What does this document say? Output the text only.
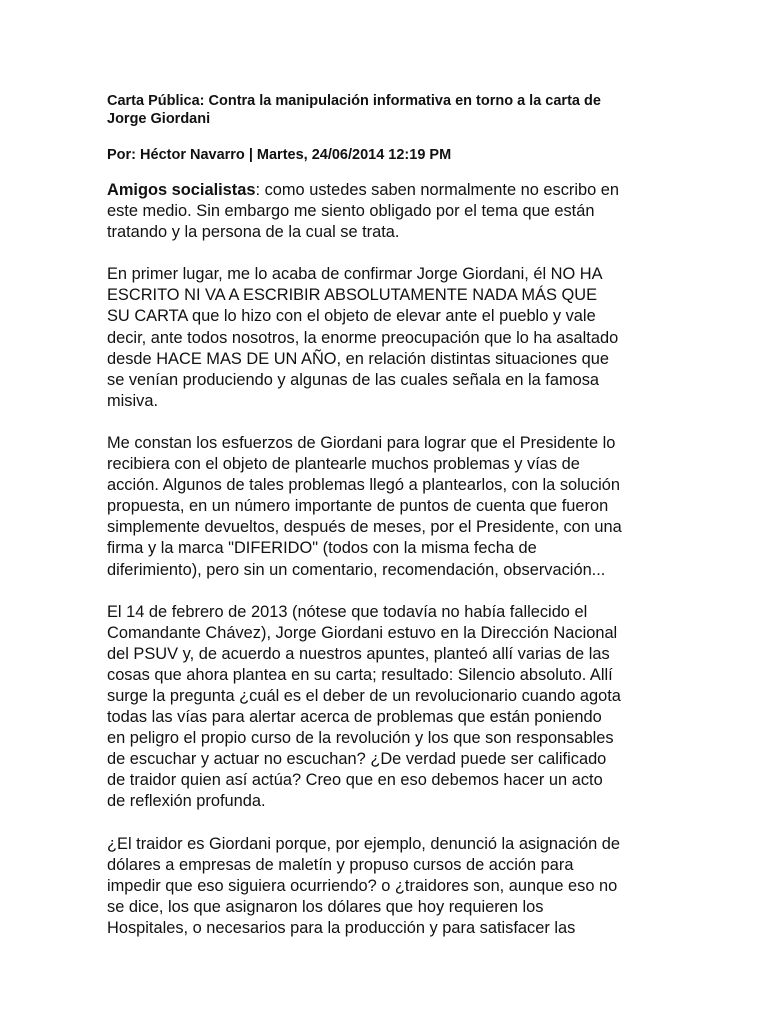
Carta Pública: Contra la manipulación informativa en torno a la carta de
Jorge Giordani

Por: Héctor Navarro | Martes, 24/06/2014 12:19 PM

Amigos socialistas: como ustedes saben normalmente no escribo en
este medio. Sin embargo me siento obligado por el tema que están
tratando y la persona de la cual se trata.

En primer lugar, me lo acaba de confirmar Jorge Giordani, él NO HA
ESCRITO NI VA A ESCRIBIR ABSOLUTAMENTE NADA MÁS QUE
SU CARTA que lo hizo con el objeto de elevar ante el pueblo y vale
decir, ante todos nosotros, la enorme preocupación que lo ha asaltado
desde HACE MAS DE UN AÑO, en relación distintas situaciones que
se venían produciendo y algunas de las cuales señala en la famosa
misiva.

Me constan los esfuerzos de Giordani para lograr que el Presidente lo
recibiera con el objeto de plantearle muchos problemas y vías de
acción. Algunos de tales problemas llegó a plantearlos, con la solución
propuesta, en un número importante de puntos de cuenta que fueron
simplemente devueltos, después de meses, por el Presidente, con una
firma y la marca "DIFERIDO" (todos con la misma fecha de
diferimiento), pero sin un comentario, recomendación, observación...

El 14 de febrero de 2013 (nótese que todavía no había fallecido el
Comandante Chávez), Jorge Giordani estuvo en la Dirección Nacional
del PSUV y, de acuerdo a nuestros apuntes, planteó allí varias de las
cosas que ahora plantea en su carta; resultado: Silencio absoluto. Allí
surge la pregunta ¿cuál es el deber de un revolucionario cuando agota
todas las vías para alertar acerca de problemas que están poniendo
en peligro el propio curso de la revolución y los que son responsables
de escuchar y actuar no escuchan? ¿De verdad puede ser calificado
de traidor quien así actúa? Creo que en eso debemos hacer un acto
de reflexión profunda.

¿El traidor es Giordani porque, por ejemplo, denunció la asignación de
dólares a empresas de maletín y propuso cursos de acción para
impedir que eso siguiera ocurriendo? o ¿traidores son, aunque eso no
se dice, los que asignaron los dólares que hoy requieren los
Hospitales, o necesarios para la producción y para satisfacer las
